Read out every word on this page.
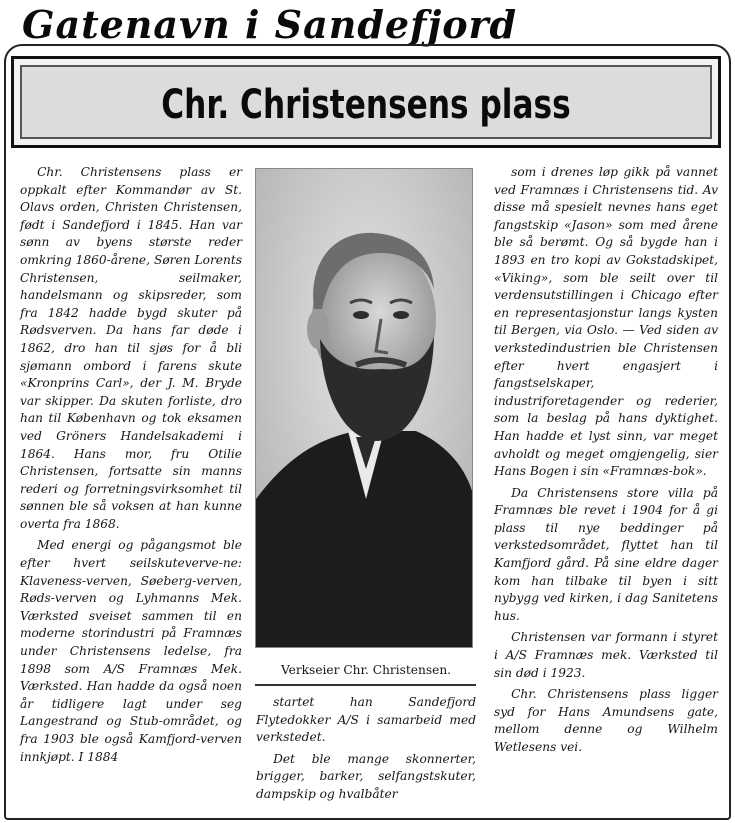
Gatenavn i Sandefjord
Chr. Christensens plass

Chr. Christensens plass er oppkalt efter Kommandør av St. Olavs orden, Christen Christensen, født i Sandefjord i 1845. Han var sønn av byens største reder omkring 1860-årene, Søren Lorents Christensen, seilmaker, handelsmann og skipsreder, som fra 1842 hadde bygd skuter på Rødsverven. Da hans far døde i 1862, dro han til sjøs for å bli sjømann ombord i farens skute «Kronprins Carl», der J. M. Bryde var skipper. Da skuten forliste, dro han til København og tok eksamen ved Gröners Handelsakademi i 1864. Hans mor, fru Otilie Christensen, fortsatte sin manns rederi og forretningsvirksomhet til sønnen ble så voksen at han kunne overta fra 1868.

Med energi og pågangsmot ble efter hvert seilskuteverve-ne: Klaveness-verven, Søeberg-verven, Røds-verven og Lyhmanns Mek. Værksted sveiset sammen til en moderne storindustri på Framnæs under Christensens ledelse, fra 1898 som A/S Framnæs Mek. Værksted. Han hadde da også noen år tidligere lagt under seg Langestrand og Stub-området, og fra 1903 ble også Kamfjord-verven innkjøpt. I 1884

Verkseier Chr. Christensen.

startet han Sandefjord Flytedokker A/S i samarbeid med verkstedet.

Det ble mange skonnerter, brigger, barker, selfangstskuter, dampskip og hvalbåter

som i drenes løp gikk på vannet ved Framnæs i Christensens tid. Av disse må spesielt nevnes hans eget fangstskip «Jason» som med årene ble så berømt. Og så bygde han i 1893 en tro kopi av Gokstadskipet, «Viking», som ble seilt over til verdensutstillingen i Chicago efter en representasjonstur langs kysten til Bergen, via Oslo. — Ved siden av verkstedindustrien ble Christensen efter hvert engasjert i fangstselskaper, industriforetagender og rederier, som la beslag på hans dyktighet. Han hadde et lyst sinn, var meget avholdt og meget omgjengelig, sier Hans Bogen i sin «Framnæs-bok».

Da Christensens store villa på Framnæs ble revet i 1904 for å gi plass til nye beddinger på verkstedsområdet, flyttet han til Kamfjord gård. På sine eldre dager kom han tilbake til byen i sitt nybygg ved kirken, i dag Sanitetens hus.

Christensen var formann i styret i A/S Framnæs mek. Værksted til sin død i 1923.

Chr. Christensens plass ligger syd for Hans Amundsens gate, mellom denne og Wilhelm Wetlesens vei.
